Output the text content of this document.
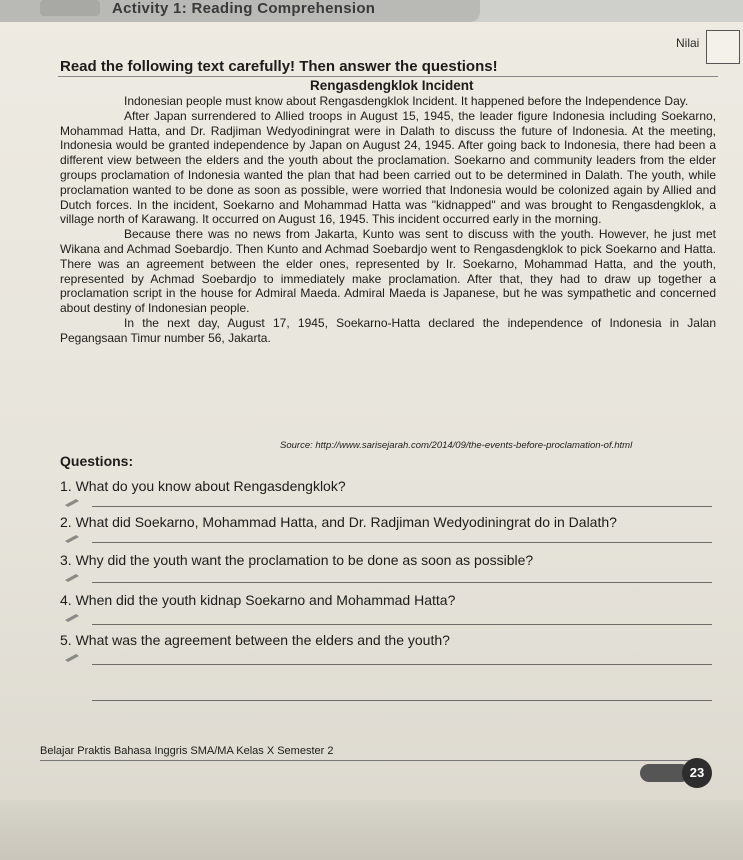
Activity 1: Reading Comprehension
Nilai
Read the following text carefully! Then answer the questions!
Rengasdengklok Incident

Indonesian people must know about Rengasdengklok Incident. It happened before the Independence Day.

After Japan surrendered to Allied troops in August 15, 1945, the leader figure Indonesia including Soekarno, Mohammad Hatta, and Dr. Radjiman Wedyodiningrat were in Dalath to discuss the future of Indonesia. At the meeting, Indonesia would be granted independence by Japan on August 24, 1945. After going back to Indonesia, there had been a different view between the elders and the youth about the proclamation. Soekarno and community leaders from the elder groups proclamation of Indonesia wanted the plan that had been carried out to be determined in Dalath. The youth, while proclamation wanted to be done as soon as possible, were worried that Indonesia would be colonized again by Allied and Dutch forces. In the incident, Soekarno and Mohammad Hatta was "kidnapped" and was brought to Rengasdengklok, a village north of Karawang. It occurred on August 16, 1945. This incident occurred early in the morning.

Because there was no news from Jakarta, Kunto was sent to discuss with the youth. However, he just met Wikana and Achmad Soebardjo. Then Kunto and Achmad Soebardjo went to Rengasdengklok to pick Soekarno and Hatta. There was an agreement between the elder ones, represented by Ir. Soekarno, Mohammad Hatta, and the youth, represented by Achmad Soebardjo to immediately make proclamation. After that, they had to draw up together a proclamation script in the house for Admiral Maeda. Admiral Maeda is Japanese, but he was sympathetic and concerned about destiny of Indonesian people.

In the next day, August 17, 1945, Soekarno-Hatta declared the independence of Indonesia in Jalan Pegangsaan Timur number 56, Jakarta.

Source: http://www.sarisejarah.com/2014/09/the-events-before-proclamation-of.html
Questions:
1. What do you know about Rengasdengklok?
2. What did Soekarno, Mohammad Hatta, and Dr. Radjiman Wedyodiningrat do in Dalath?
3. Why did the youth want the proclamation to be done as soon as possible?
4. When did the youth kidnap Soekarno and Mohammad Hatta?
5. What was the agreement between the elders and the youth?
Belajar Praktis Bahasa Inggris SMA/MA Kelas X Semester 2
23
